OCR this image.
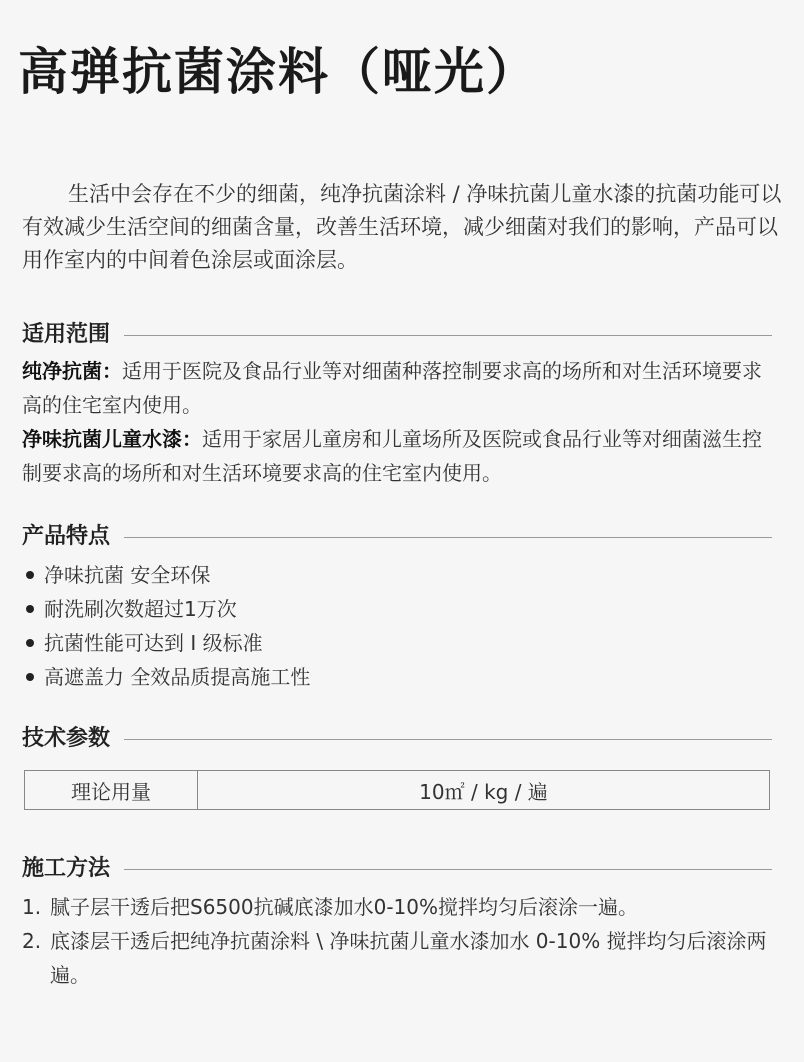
高弹抗菌涂料（哑光）

生活中会存在不少的细菌，纯净抗菌涂料 / 净味抗菌儿童水漆的抗菌功能可以有效减少生活空间的细菌含量，改善生活环境，减少细菌对我们的影响，产品可以用作室内的中间着色涂层或面涂层。

适用范围

纯净抗菌：适用于医院及食品行业等对细菌种落控制要求高的场所和对生活环境要求高的住宅室内使用。

净味抗菌儿童水漆：适用于家居儿童房和儿童场所及医院或食品行业等对细菌滋生控制要求高的场所和对生活环境要求高的住宅室内使用。

产品特点
净味抗菌 安全环保
耐洗刷次数超过1万次
抗菌性能可达到 Ⅰ 级标准
高遮盖力 全效品质提高施工性
技术参数
理论用量	10㎡ / kg / 遍
施工方法
1. 腻子层干透后把S6500抗碱底漆加水0-10%搅拌均匀后滚涂一遍。
2. 底漆层干透后把纯净抗菌涂料 \ 净味抗菌儿童水漆加水 0-10% 搅拌均匀后滚涂两遍。
